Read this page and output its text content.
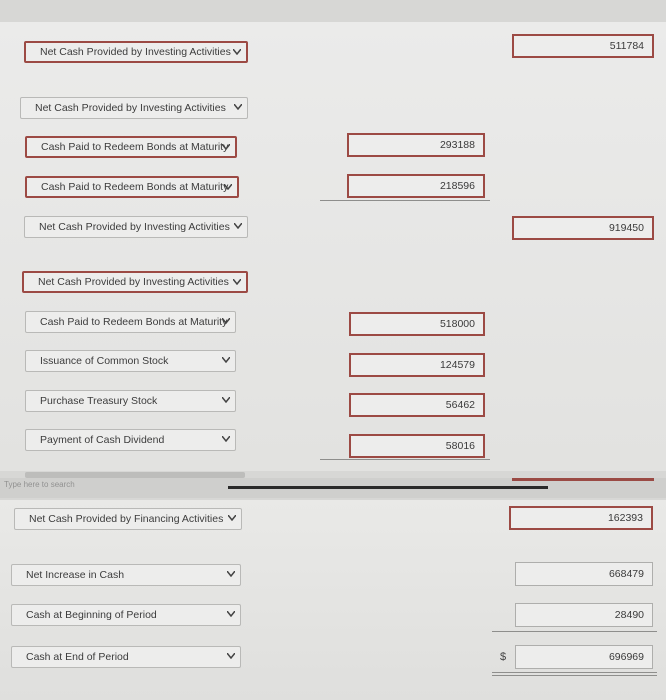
Type here to search
Net Cash Provided by Investing Activities	511784
Net Cash Provided by Investing Activities
Cash Paid to Redeem Bonds at Maturity	293188
Cash Paid to Redeem Bonds at Maturity	218596
Net Cash Provided by Investing Activities	919450
Net Cash Provided by Investing Activities
Cash Paid to Redeem Bonds at Maturity	518000
Issuance of Common Stock	124579
Purchase Treasury Stock	56462
Payment of Cash Dividend	58016
Net Cash Provided by Financing Activities	162393
Net Increase in Cash	668479
Cash at Beginning of Period	28490
Cash at End of Period	$	696969
